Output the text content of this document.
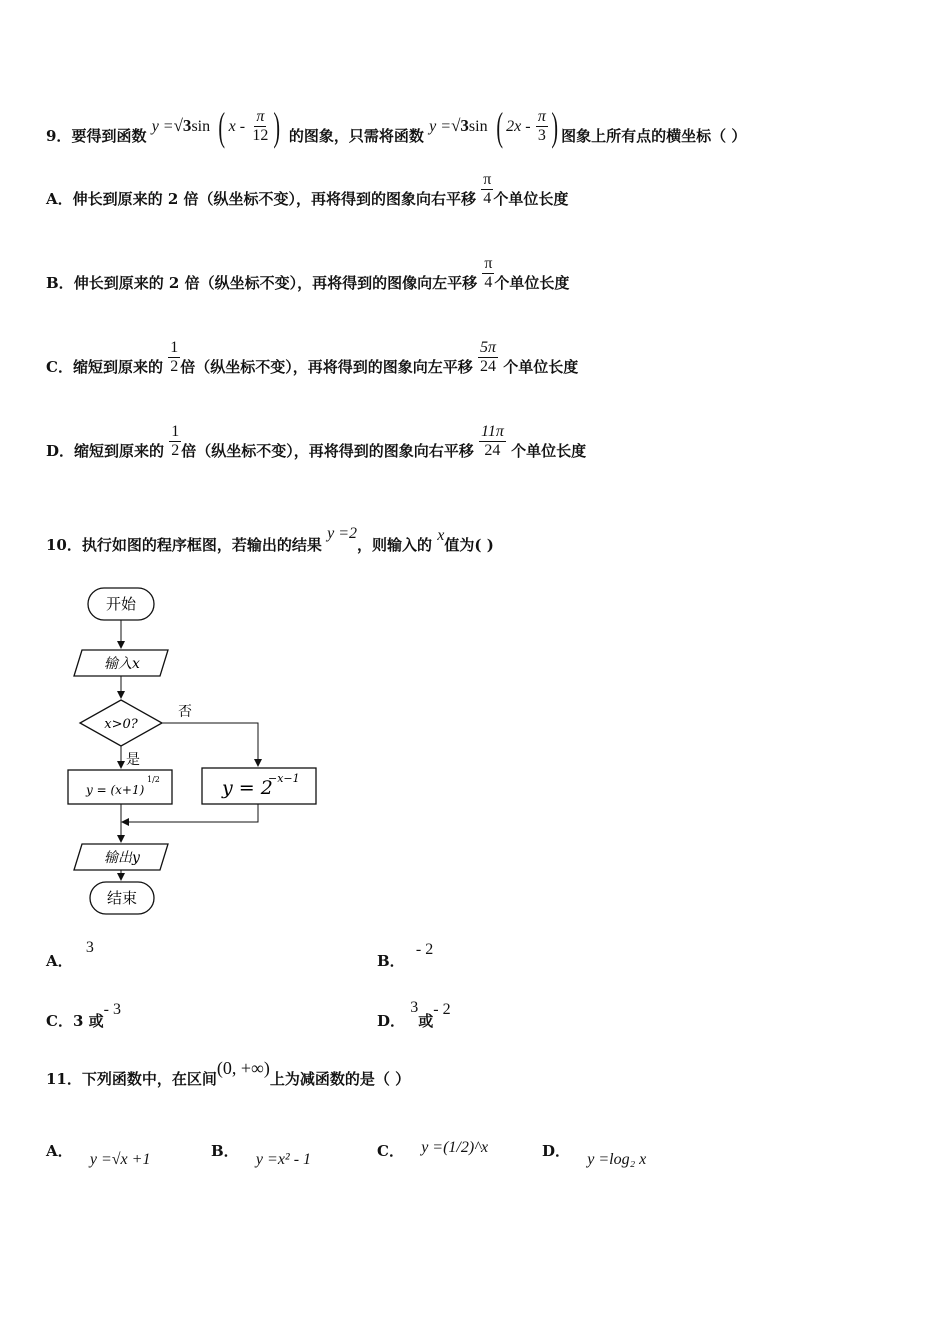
9．要得到函数 y =√3sin ( x - $\frac{\pi}{12}$ ) 的图象，只需将函数 y =√3sin ( $2x - \frac{\pi}{3}$ ) 图象上所有点的横坐标（ ）
A．伸长到原来的 2 倍（纵坐标不变），再将得到的图象向右平移 $\frac{\pi}{4}$ 个单位长度
B．伸长到原来的 2 倍（纵坐标不变），再将得到的图像向左平移 $\frac{\pi}{4}$ 个单位长度
C．缩短到原来的 $\frac{1}{2}$ 倍（纵坐标不变），再将得到的图象向左平移 $\frac{5\pi}{24}$ 个单位长度
D．缩短到原来的 $\frac{1}{2}$ 倍（纵坐标不变），再将得到的图象向右平移 $\frac{11\pi}{24}$ 个单位长度
10．执行如图的程序框图，若输出的结果 y =2，则输入的 x值为( )
开始
输入x
x>0?
否
是
y = (x+1)
1/2	y = 2
−x−1
输出y
结束
A． 3
B． - 2
C．3 或- 3
D． 3或- 2
11．下列函数中，在区间(0, +∞)上为减函数的是（ ）
A． y =√x +1	B． y =x² - 1	C． y =(1/2)^x	D． y =log₂ x
